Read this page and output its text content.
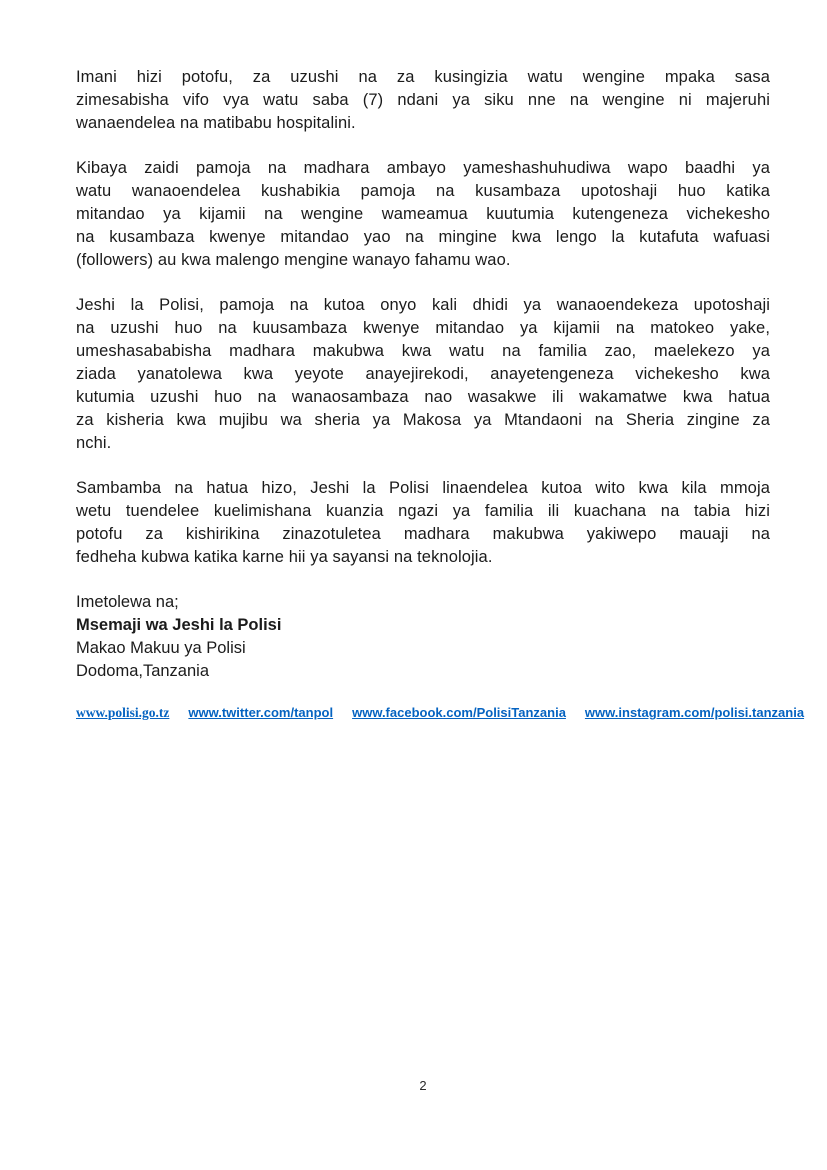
Imani hizi potofu, za uzushi na za kusingizia watu wengine mpaka sasa
zimesabisha vifo vya watu saba (7) ndani ya siku nne na wengine ni majeruhi
wanaendelea na matibabu hospitalini.
Kibaya zaidi pamoja na madhara ambayo yameshashuhudiwa wapo baadhi ya
watu wanaoendelea kushabikia pamoja na kusambaza upotoshaji huo katika
mitandao ya kijamii na wengine wameamua kuutumia kutengeneza vichekesho
na kusambaza kwenye mitandao yao na mingine kwa lengo la kutafuta wafuasi
(followers) au kwa malengo mengine wanayo fahamu wao.
Jeshi la Polisi, pamoja na kutoa onyo kali dhidi ya wanaoendekeza upotoshaji
na uzushi huo na kuusambaza kwenye mitandao ya kijamii na matokeo yake,
umeshasababisha madhara makubwa kwa watu na familia zao, maelekezo ya
ziada yanatolewa kwa yeyote anayejirekodi, anayetengeneza vichekesho kwa
kutumia uzushi huo na wanaosambaza nao wasakwe ili wakamatwe kwa hatua
za kisheria kwa mujibu wa sheria ya Makosa ya Mtandaoni na Sheria zingine za
nchi.
Sambamba na hatua hizo, Jeshi la Polisi linaendelea kutoa wito kwa kila mmoja
wetu tuendelee kuelimishana kuanzia ngazi ya familia ili kuachana na tabia hizi
potofu za kishirikina zinazotuletea madhara makubwa yakiwepo mauaji na
fedheha kubwa katika karne hii ya sayansi na teknolojia.
Imetolewa na;
Msemaji wa Jeshi la Polisi
Makao Makuu ya Polisi
Dodoma,Tanzania
www.polisi.go.tz www.twitter.com/tanpol www.facebook.com/PolisiTanzania www.instagram.com/polisi.tanzania
2
